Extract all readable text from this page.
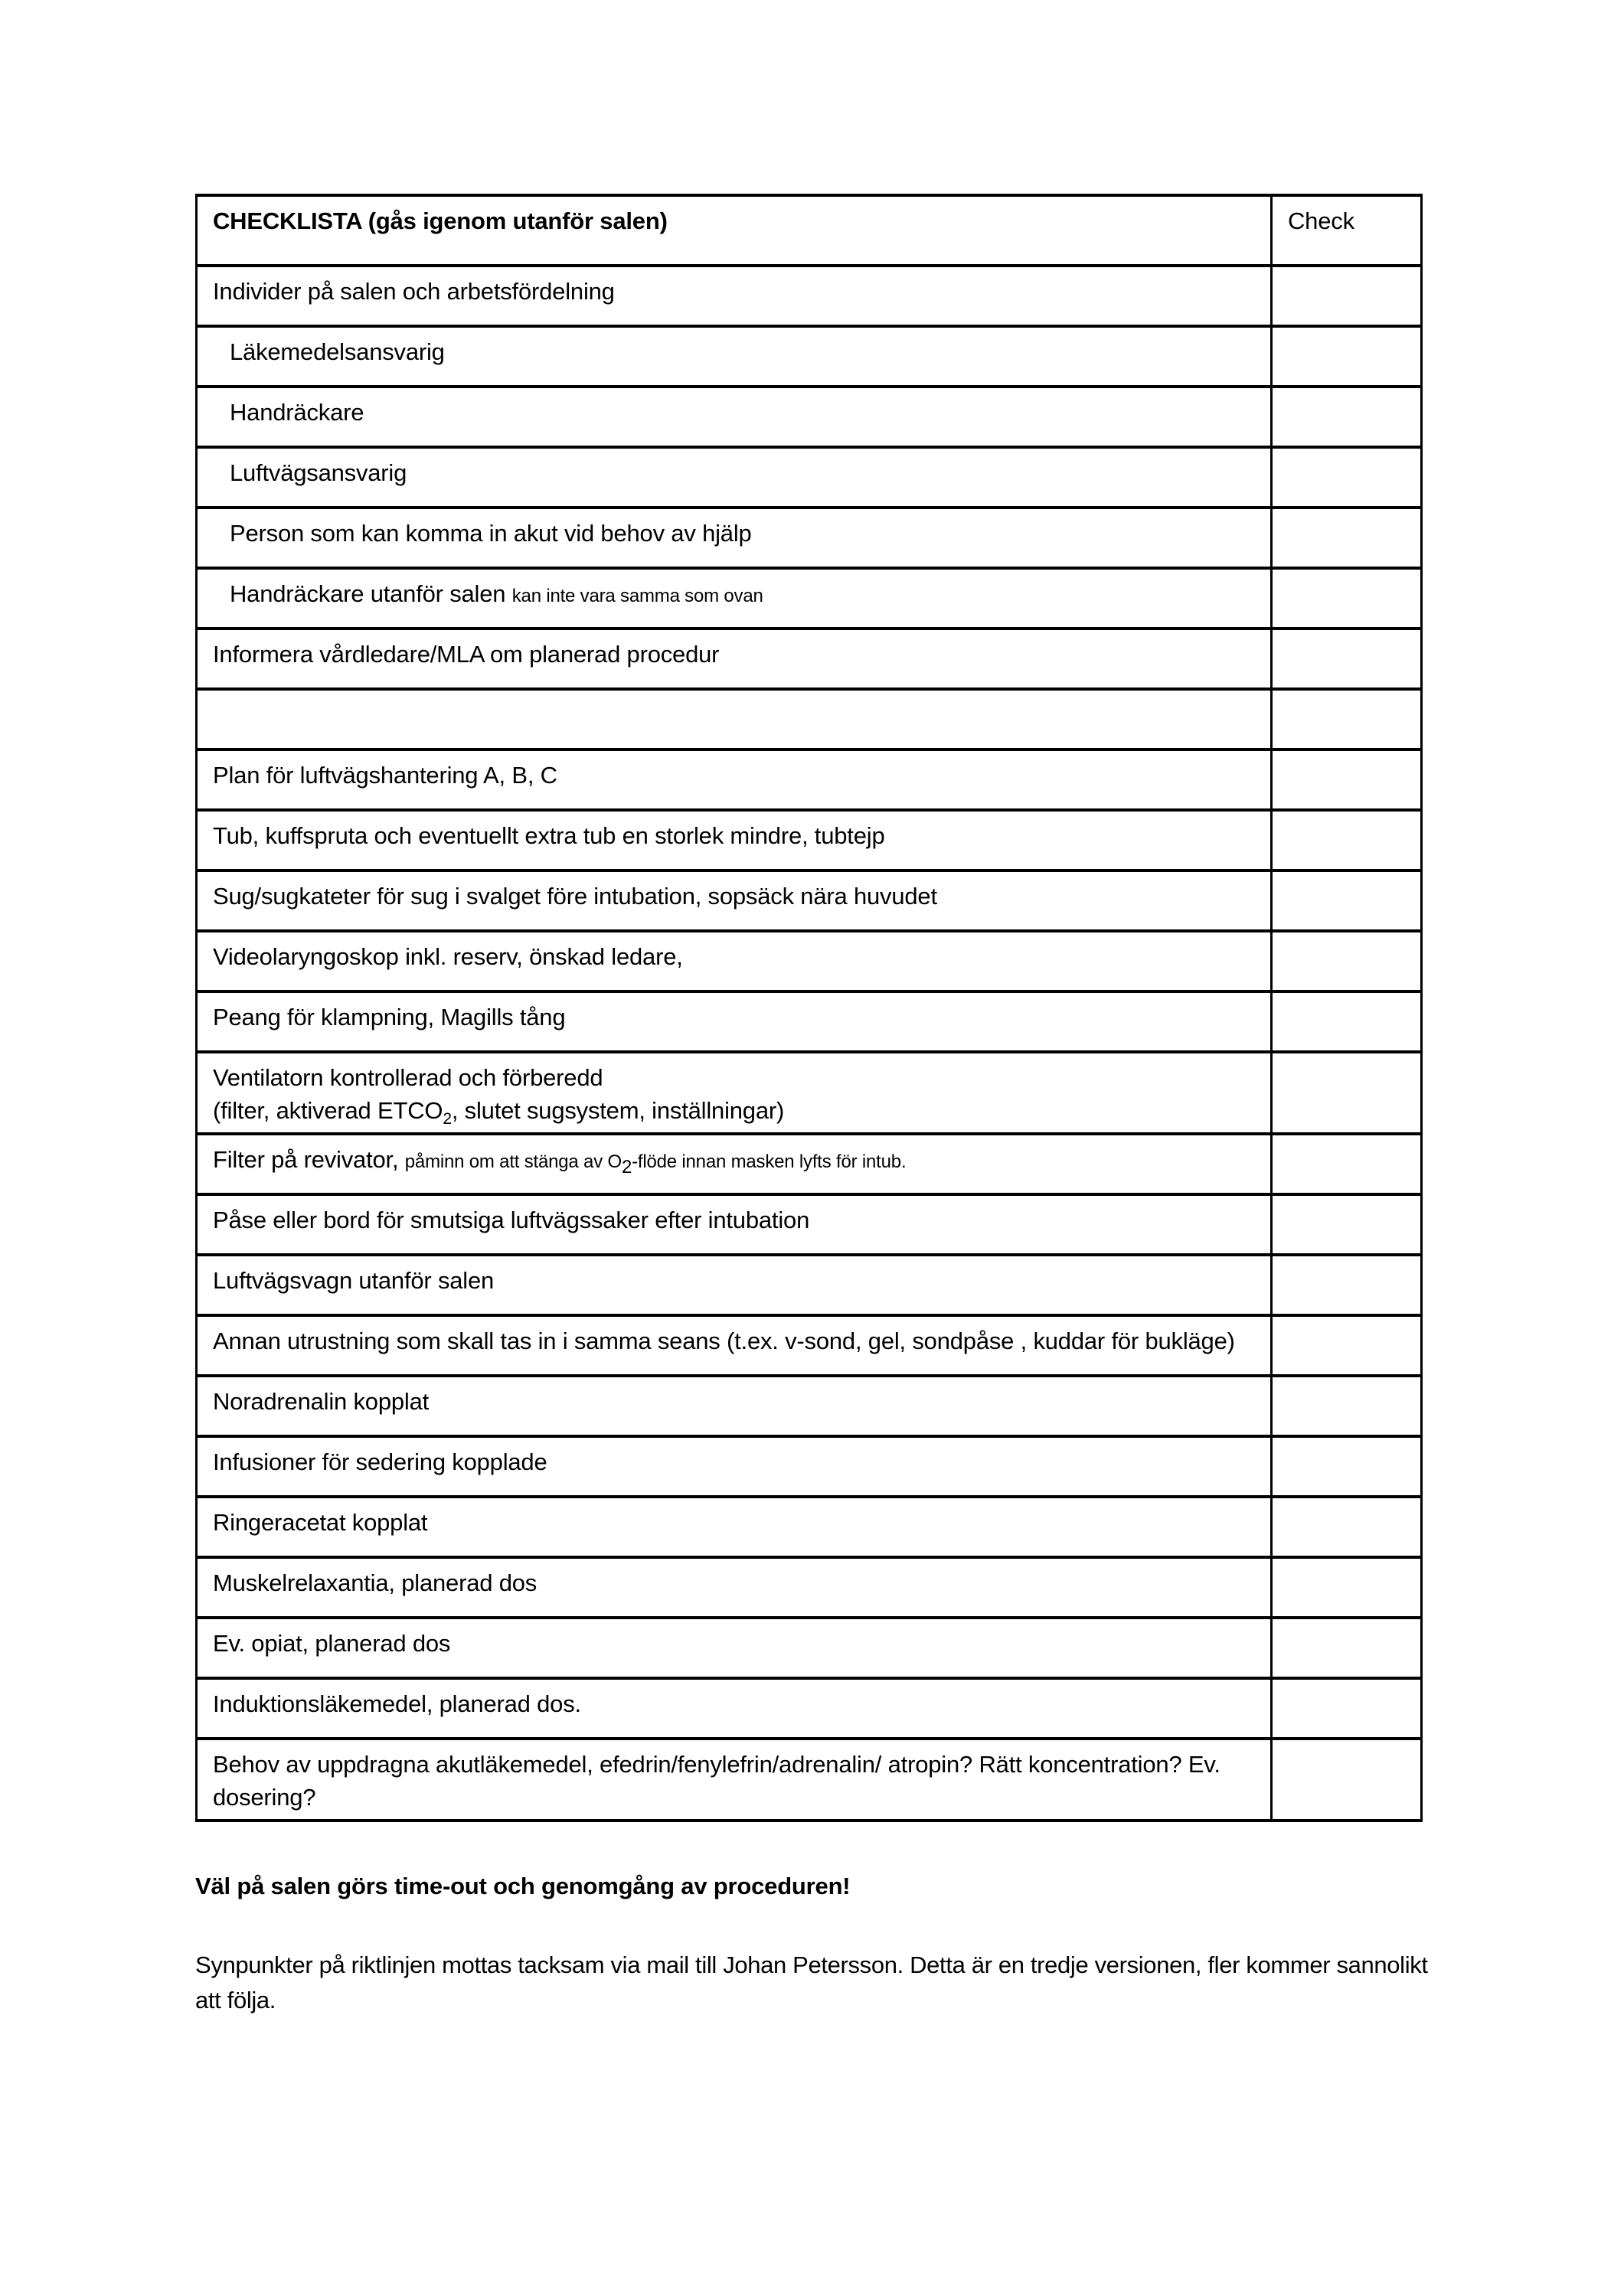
CHECKLISTA (gås igenom utanför salen)	Check
Individer på salen och arbetsfördelning	
Läkemedelsansvarig	
Handräckare	
Luftvägsansvarig	
Person som kan komma in akut vid behov av hjälp	
Handräckare utanför salen kan inte vara samma som ovan	
Informera vårdledare/MLA om planerad procedur	

Plan för luftvägshantering A, B, C	
Tub, kuffspruta och eventuellt extra tub en storlek mindre, tubtejp	
Sug/sugkateter för sug i svalget före intubation, sopsäck nära huvudet	
Videolaryngoskop inkl. reserv, önskad ledare,	
Peang för klampning, Magills tång	
Ventilatorn kontrollerad och förberedd
(filter, aktiverad $ETCO_2$, slutet sugsystem, inställningar)	
Filter på revivator, påminn om att stänga av $O_2$-flöde innan masken lyfts för intub.	
Påse eller bord för smutsiga luftvägssaker efter intubation	
Luftvägsvagn utanför salen	
Annan utrustning som skall tas in i samma seans (t.ex. v-sond, gel, sondpåse , kuddar för bukläge)	
Noradrenalin kopplat	
Infusioner för sedering kopplade	
Ringeracetat kopplat	
Muskelrelaxantia, planerad dos	
Ev. opiat, planerad dos	
Induktionsläkemedel, planerad dos.	
Behov av uppdragna akutläkemedel, efedrin/fenylefrin/adrenalin/ atropin? Rätt koncentration? Ev. dosering?	

Väl på salen görs time-out och genomgång av proceduren!

Synpunkter på riktlinjen mottas tacksam via mail till Johan Petersson. Detta är en tredje versionen, fler kommer sannolikt att följa.
